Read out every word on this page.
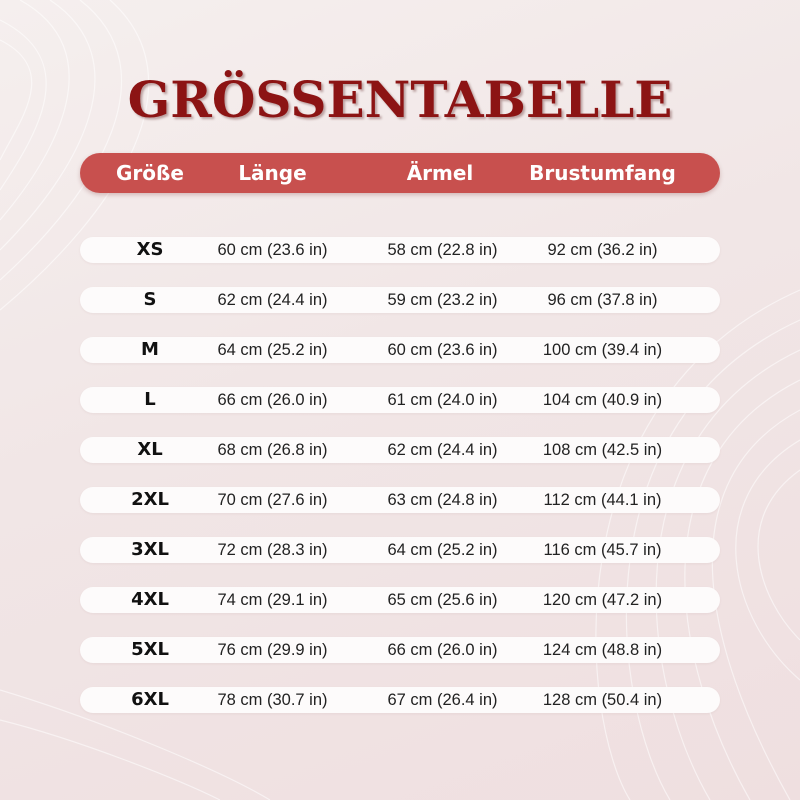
GRÖSSENTABELLE
Größe	Länge	Ärmel	Brustumfang
XS	60 cm (23.6 in)	58 cm (22.8 in)	92 cm (36.2 in)
S	62 cm (24.4 in)	59 cm (23.2 in)	96 cm (37.8 in)
M	64 cm (25.2 in)	60 cm (23.6 in)	100 cm (39.4 in)
L	66 cm (26.0 in)	61 cm (24.0 in)	104 cm (40.9 in)
XL	68 cm (26.8 in)	62 cm (24.4 in)	108 cm (42.5 in)
2XL	70 cm (27.6 in)	63 cm (24.8 in)	112 cm (44.1 in)
3XL	72 cm (28.3 in)	64 cm (25.2 in)	116 cm (45.7 in)
4XL	74 cm (29.1 in)	65 cm (25.6 in)	120 cm (47.2 in)
5XL	76 cm (29.9 in)	66 cm (26.0 in)	124 cm (48.8 in)
6XL	78 cm (30.7 in)	67 cm (26.4 in)	128 cm (50.4 in)
